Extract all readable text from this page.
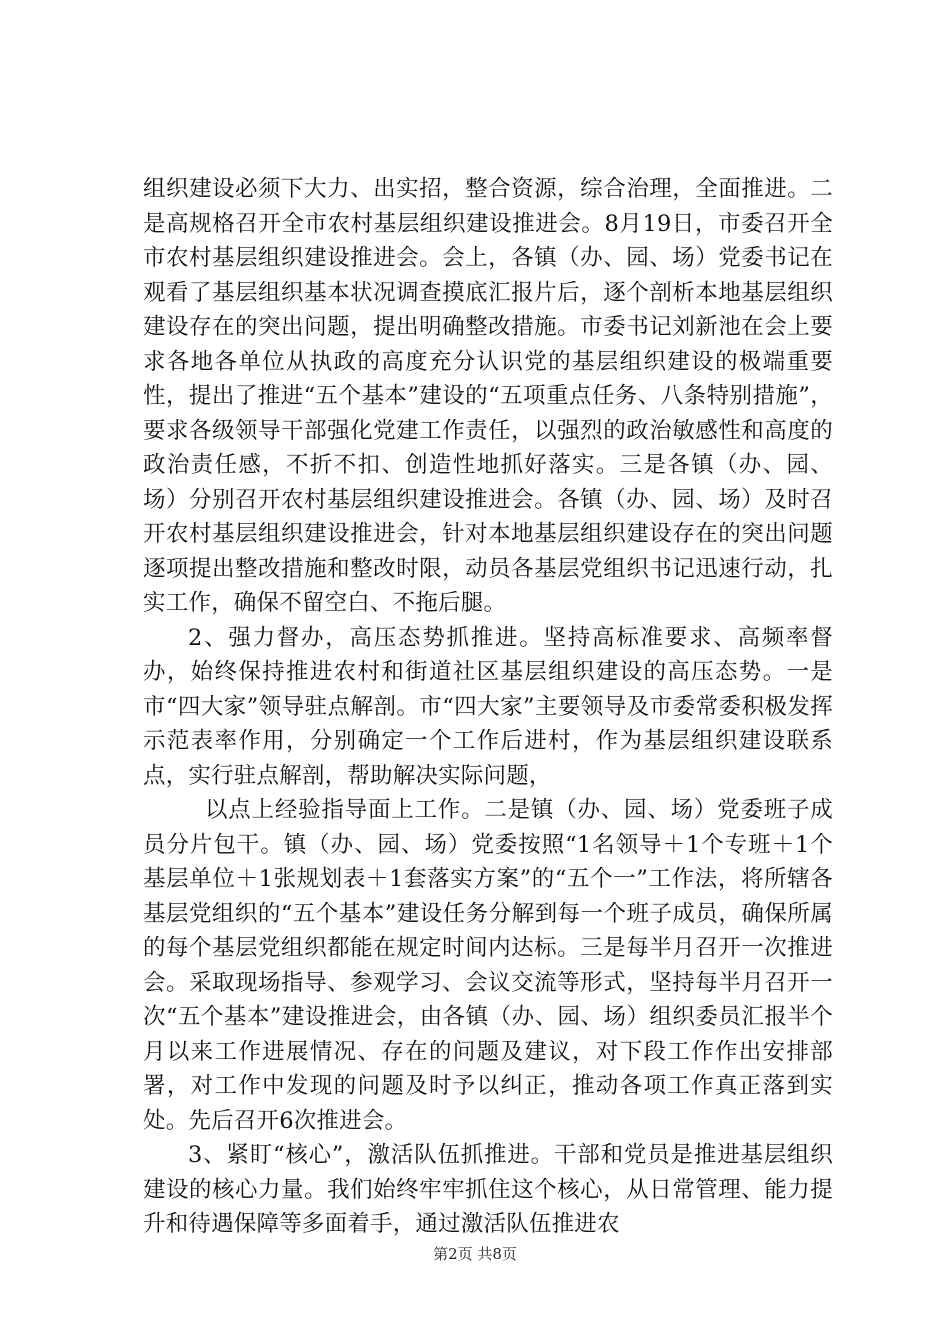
组织建设必须下大力、出实招，整合资源，综合治理，全面推进。二是高规格召开全市农村基层组织建设推进会。8月19日，市委召开全市农村基层组织建设推进会。会上，各镇（办、园、场）党委书记在观看了基层组织基本状况调查摸底汇报片后，逐个剖析本地基层组织建设存在的突出问题，提出明确整改措施。市委书记刘新池在会上要求各地各单位从执政的高度充分认识党的基层组织建设的极端重要性，提出了推进“五个基本”建设的“五项重点任务、八条特别措施”，要求各级领导干部强化党建工作责任，以强烈的政治敏感性和高度的政治责任感，不折不扣、创造性地抓好落实。三是各镇（办、园、场）分别召开农村基层组织建设推进会。各镇（办、园、场）及时召开农村基层组织建设推进会，针对本地基层组织建设存在的突出问题逐项提出整改措施和整改时限，动员各基层党组织书记迅速行动，扎实工作，确保不留空白、不拖后腿。

2、强力督办，高压态势抓推进。坚持高标准要求、高频率督办，始终保持推进农村和街道社区基层组织建设的高压态势。一是市“四大家”领导驻点解剖。市“四大家”主要领导及市委常委积极发挥示范表率作用，分别确定一个工作后进村，作为基层组织建设联系点，实行驻点解剖，帮助解决实际问题，

以点上经验指导面上工作。二是镇（办、园、场）党委班子成员分片包干。镇（办、园、场）党委按照“1名领导＋1个专班＋1个基层单位＋1张规划表＋1套落实方案”的“五个一”工作法，将所辖各基层党组织的“五个基本”建设任务分解到每一个班子成员，确保所属的每个基层党组织都能在规定时间内达标。三是每半月召开一次推进会。采取现场指导、参观学习、会议交流等形式，坚持每半月召开一次“五个基本”建设推进会，由各镇（办、园、场）组织委员汇报半个月以来工作进展情况、存在的问题及建议，对下段工作作出安排部署，对工作中发现的问题及时予以纠正，推动各项工作真正落到实处。先后召开6次推进会。

3、紧盯“核心”，激活队伍抓推进。干部和党员是推进基层组织建设的核心力量。我们始终牢牢抓住这个核心，从日常管理、能力提升和待遇保障等多面着手，通过激活队伍推进农

第2页 共8页
